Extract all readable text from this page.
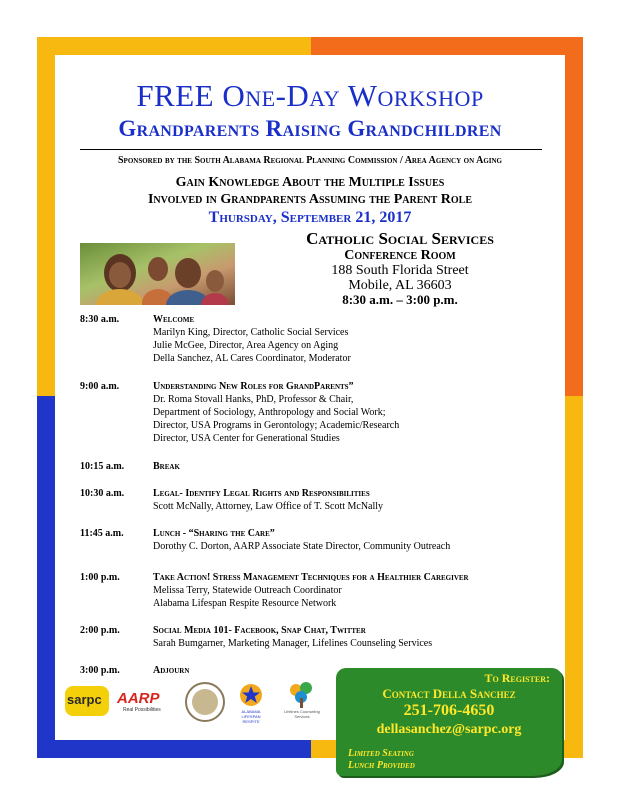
FREE One-Day Workshop
Grandparents Raising Grandchildren
Sponsored by the South Alabama Regional Planning Commission / Area Agency on Aging
Gain Knowledge About the Multiple Issues
Involved in Grandparents Assuming the Parent Role
Thursday, September 21, 2017
Catholic Social Services
Conference Room
188 South Florida Street
Mobile, AL 36603
8:30 a.m. – 3:00 p.m.
8:30 a.m.	Welcome
Marilyn King, Director, Catholic Social Services
Julie McGee, Director, Area Agency on Aging
Della Sanchez, AL Cares Coordinator, Moderator
9:00 a.m.	Understanding New Roles for GrandParents”
Dr. Roma Stovall Hanks, PhD, Professor & Chair,
Department of Sociology, Anthropology and Social Work;
Director, USA Programs in Gerontology; Academic/Research
Director, USA Center for Generational Studies
10:15 a.m.	Break
10:30 a.m.	Legal- Identify Legal Rights and Responsibilities
Scott McNally, Attorney, Law Office of T. Scott McNally
11:45 a.m.	Lunch - “Sharing the Care”
Dorothy C. Dorton, AARP Associate State Director, Community Outreach
1:00 p.m.	Take Action! Stress Management Techniques for a Healthier Caregiver
Melissa Terry, Statewide Outreach Coordinator
Alabama Lifespan Respite Resource Network
2:00 p.m.	Social Media 101- Facebook, Snap Chat, Twitter
Sarah Bumgarner, Marketing Manager, Lifelines Counseling Services
3:00 p.m.	Adjourn
sarpc AARP
Real Possibilities	ALABAMA LIFESPAN RESPITE
Lifelines Counseling Services
To Register:
Contact Della Sanchez
251-706-4650
dellasanchez@sarpc.org
Limited Seating
Lunch Provided
